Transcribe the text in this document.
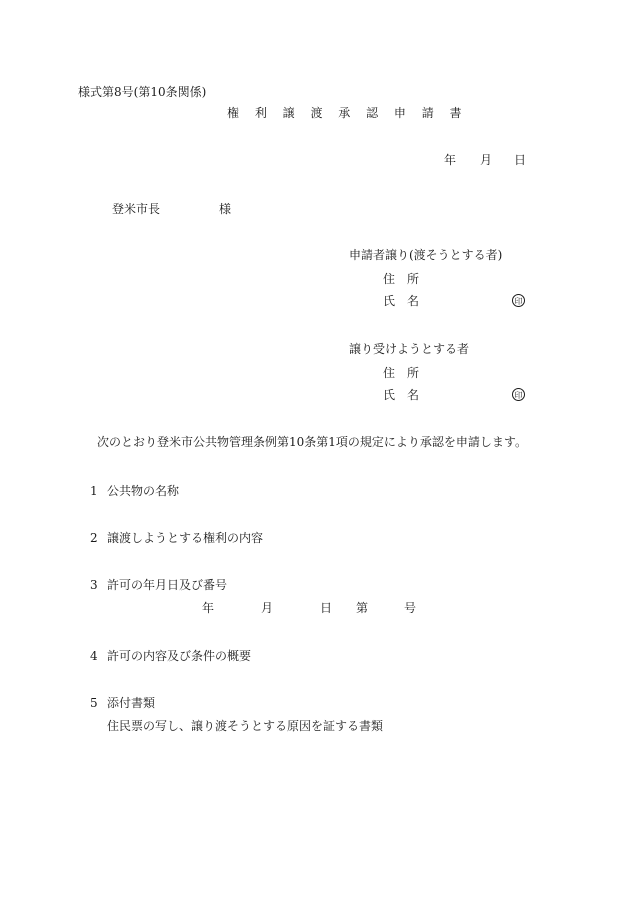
様式第8号(第10条関係)
権 利 譲 渡 承 認 申 請 書
年 月 日
登米市長	様
申請者譲り(渡そうとする者)
住　所
氏　名	印
譲り受けようとする者
住　所
氏　名	印
次のとおり登米市公共物管理条例第10条第1項の規定により承認を申請します。
1 公共物の名称
2 譲渡しようとする権利の内容
3 許可の年月日及び番号
年	月	日 第	号
4 許可の内容及び条件の概要
5 添付書類
住民票の写し、譲り渡そうとする原因を証する書類
